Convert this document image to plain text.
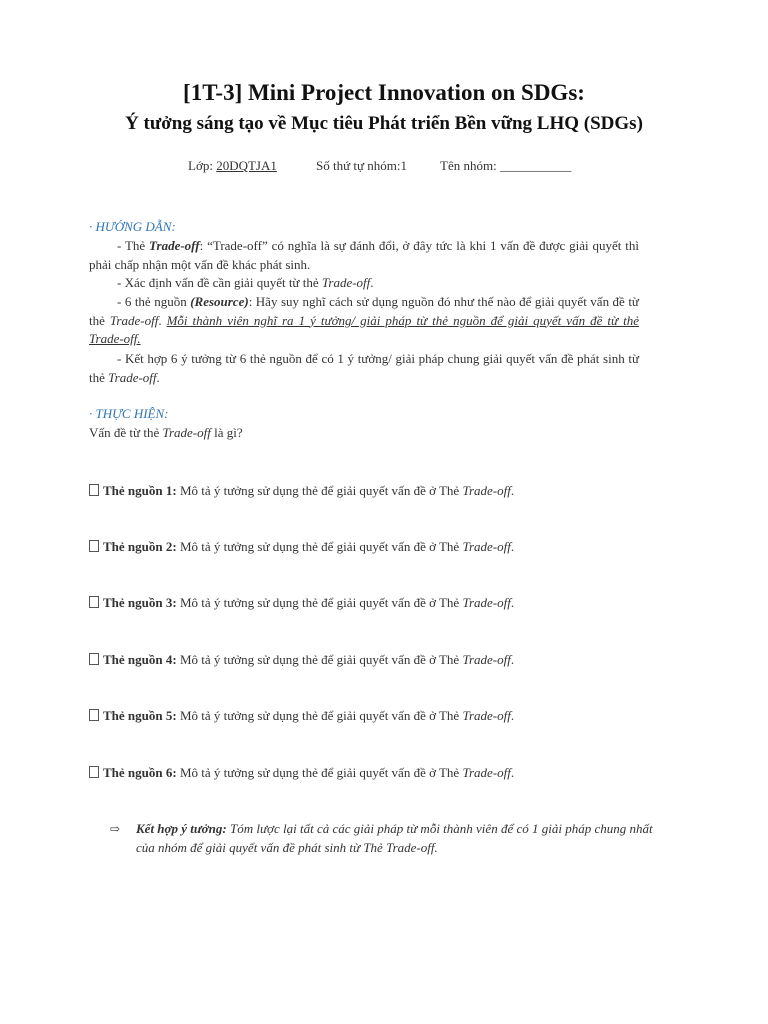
[1T-3] Mini Project Innovation on SDGs:
Ý tưởng sáng tạo về Mục tiêu Phát triển Bền vững LHQ (SDGs)
Lớp: 20DQTJA1	Số thứ tự nhóm:1	Tên nhóm: ___________
· HƯỚNG DẪN:
- Thẻ Trade-off: “Trade-off” có nghĩa là sự đánh đổi, ở đây tức là khi 1 vấn đề được giải quyết thì phải chấp nhận một vấn đề khác phát sinh.
- Xác định vấn đề cần giải quyết từ thẻ Trade-off.
- 6 thẻ nguồn (Resource): Hãy suy nghĩ cách sử dụng nguồn đó như thế nào để giải quyết vấn đề từ thẻ Trade-off. Mỗi thành viên nghĩ ra 1 ý tưởng/ giải pháp từ thẻ nguồn để giải quyết vấn đề từ thẻ Trade-off.
- Kết hợp 6 ý tưởng từ 6 thẻ nguồn để có 1 ý tưởng/ giải pháp chung giải quyết vấn đề phát sinh từ thẻ Trade-off.
· THỰC HIỆN:
Vấn đề từ thẻ Trade-off là gì?
Thẻ nguồn 1: Mô tả ý tưởng sử dụng thẻ để giải quyết vấn đề ở Thẻ Trade-off.
Thẻ nguồn 2: Mô tả ý tưởng sử dụng thẻ để giải quyết vấn đề ở Thẻ Trade-off.
Thẻ nguồn 3: Mô tả ý tưởng sử dụng thẻ để giải quyết vấn đề ở Thẻ Trade-off.
Thẻ nguồn 4: Mô tả ý tưởng sử dụng thẻ để giải quyết vấn đề ở Thẻ Trade-off.
Thẻ nguồn 5: Mô tả ý tưởng sử dụng thẻ để giải quyết vấn đề ở Thẻ Trade-off.
Thẻ nguồn 6: Mô tả ý tưởng sử dụng thẻ để giải quyết vấn đề ở Thẻ Trade-off.
⇨ Kết hợp ý tưởng: Tóm lược lại tất cả các giải pháp từ mỗi thành viên để có 1 giải pháp chung nhất của nhóm để giải quyết vấn đề phát sinh từ Thẻ Trade-off.
